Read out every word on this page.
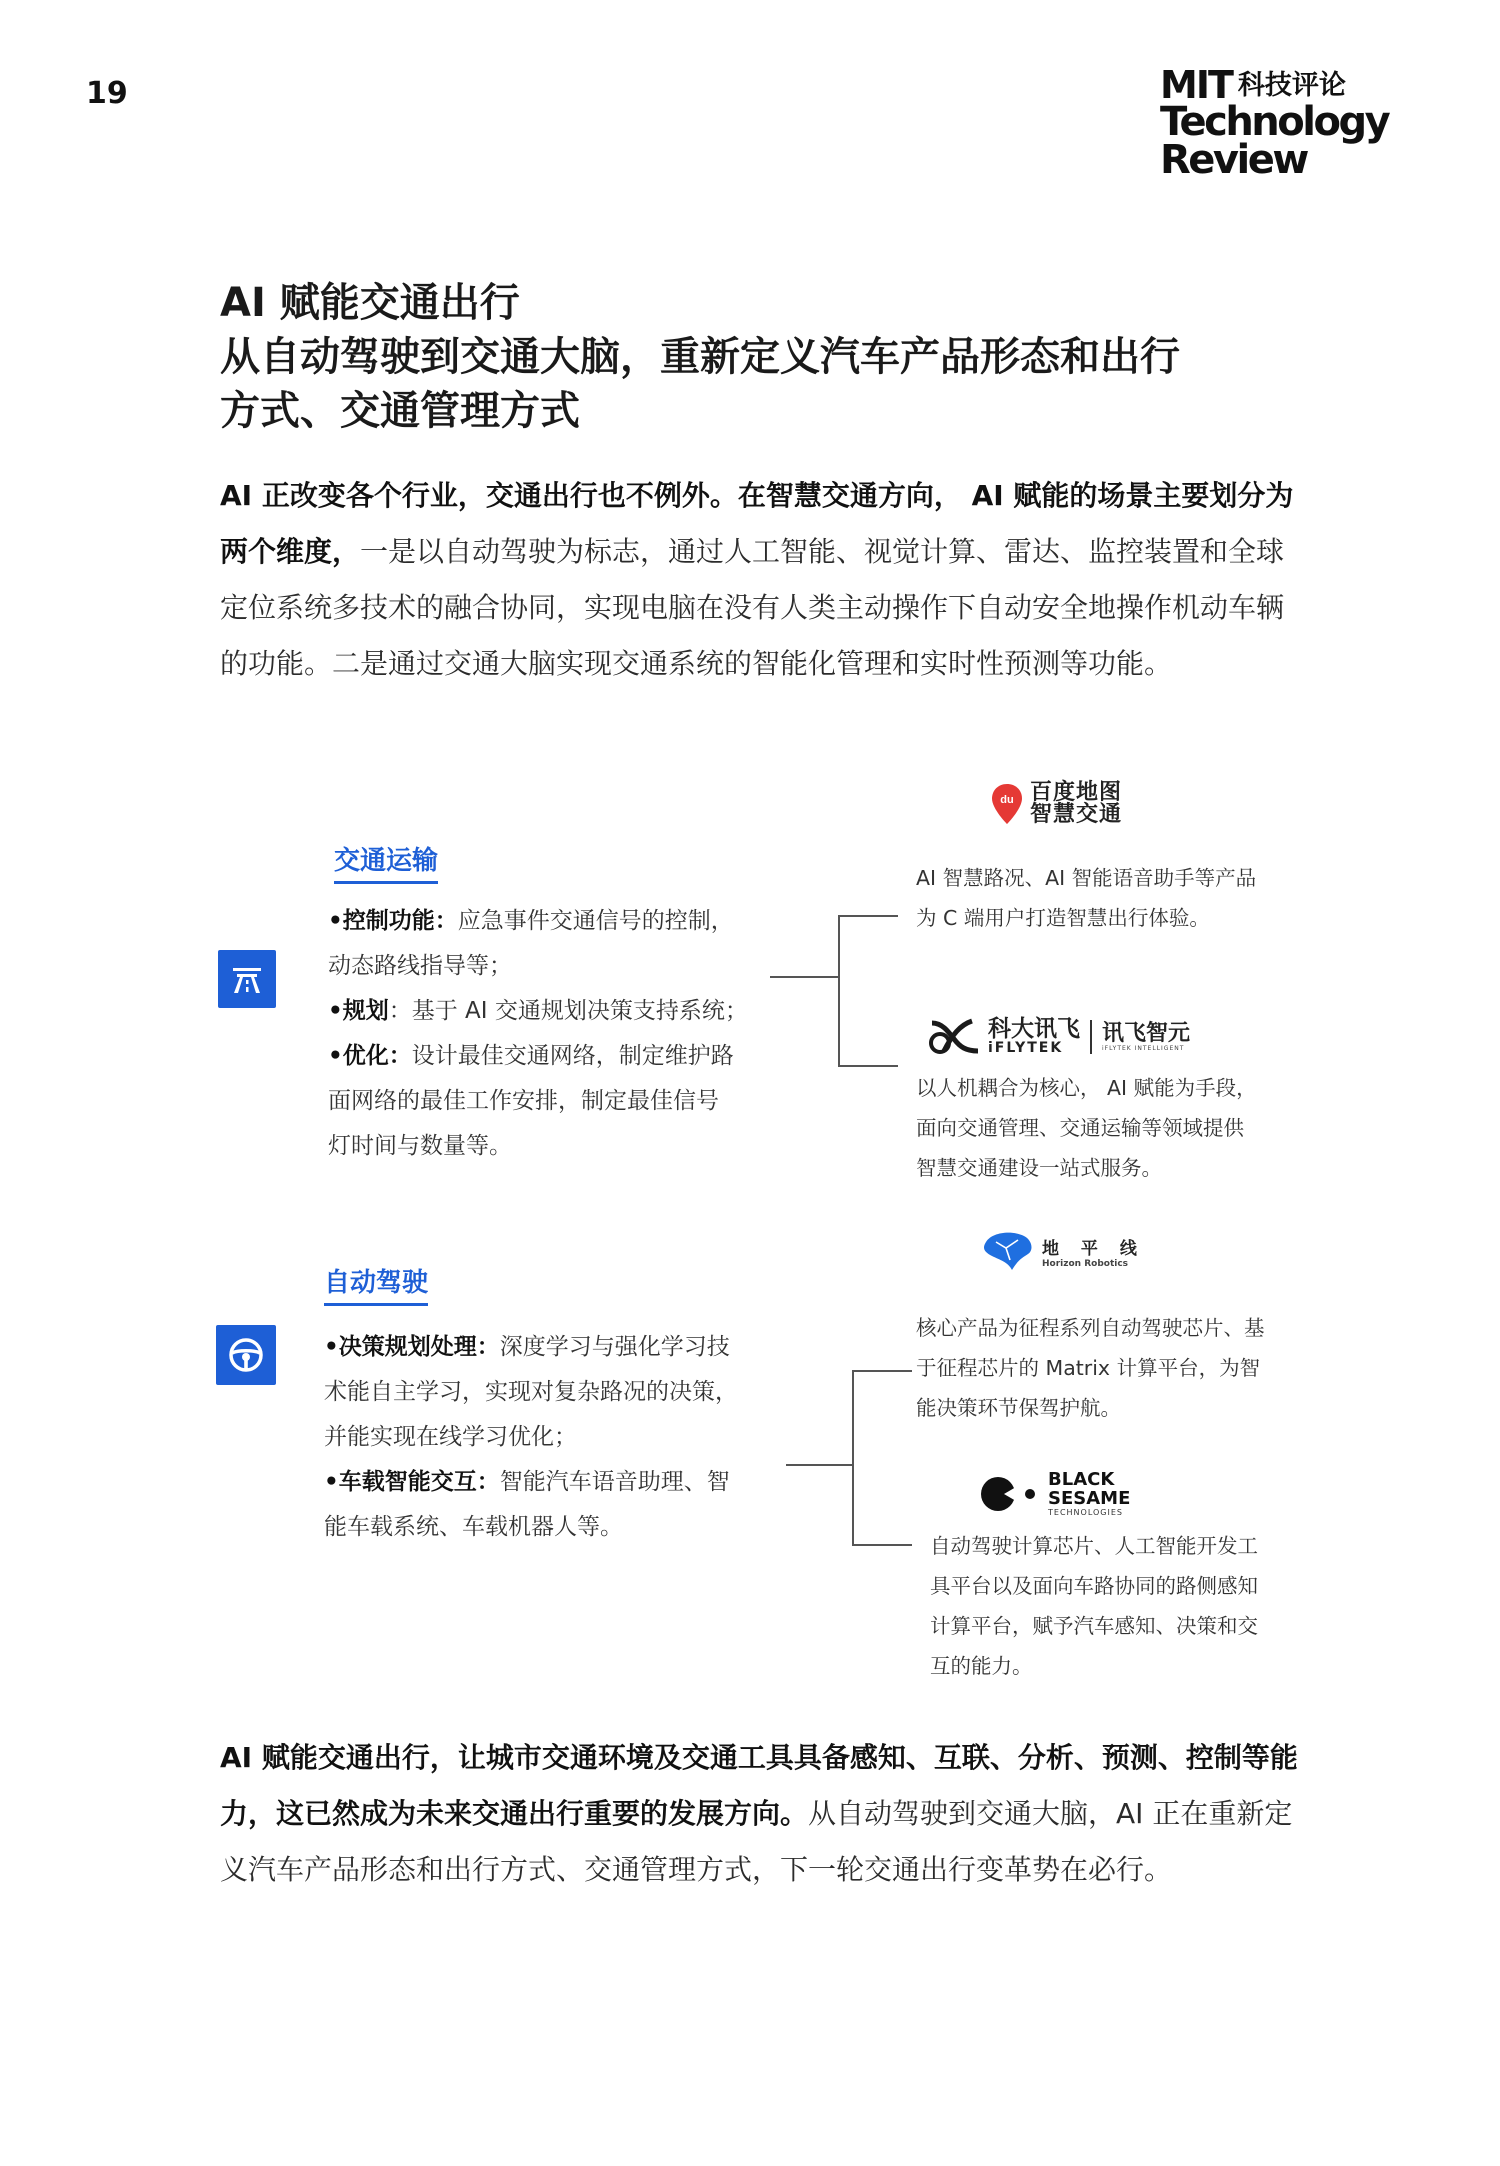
19	MIT 科技评论
Technology
Review
AI 赋能交通出行
从自动驾驶到交通大脑，重新定义汽车产品形态和出行
方式、交通管理方式
AI 正改变各个行业，交通出行也不例外。在智慧交通方向， AI 赋能的场景主要划分为两个维度，一是以自动驾驶为标志，通过人工智能、视觉计算、雷达、监控装置和全球定位系统多技术的融合协同，实现电脑在没有人类主动操作下自动安全地操作机动车辆的功能。二是通过交通大脑实现交通系统的智能化管理和实时性预测等功能。
交通运输
•控制功能：应急事件交通信号的控制，
动态路线指导等；
•规划：基于 AI 交通规划决策支持系统；
•优化：设计最佳交通网络，制定维护路
面网络的最佳工作安排，制定最佳信号
灯时间与数量等。
du 百度地图
智慧交通
AI 智慧路况、AI 智能语音助手等产品
为 C 端用户打造智慧出行体验。
科大讯飞
iFLYTEK
讯飞智元
iFLYTEK INTELLIGENT
以人机耦合为核心， AI 赋能为手段，
面向交通管理、交通运输等领域提供
智慧交通建设一站式服务。
自动驾驶
•决策规划处理：深度学习与强化学习技
术能自主学习，实现对复杂路况的决策，
并能实现在线学习优化；
•车载智能交互：智能汽车语音助理、智
能车载系统、车载机器人等。
地 平 线
Horizon Robotics
核心产品为征程系列自动驾驶芯片、基
于征程芯片的 Matrix 计算平台，为智
能决策环节保驾护航。
BLACK
SESAME
TECHNOLOGIES
自动驾驶计算芯片、人工智能开发工
具平台以及面向车路协同的路侧感知
计算平台，赋予汽车感知、决策和交
互的能力。
AI 赋能交通出行，让城市交通环境及交通工具具备感知、互联、分析、预测、控制等能力，这已然成为未来交通出行重要的发展方向。从自动驾驶到交通大脑，AI 正在重新定义汽车产品形态和出行方式、交通管理方式，下一轮交通出行变革势在必行。
